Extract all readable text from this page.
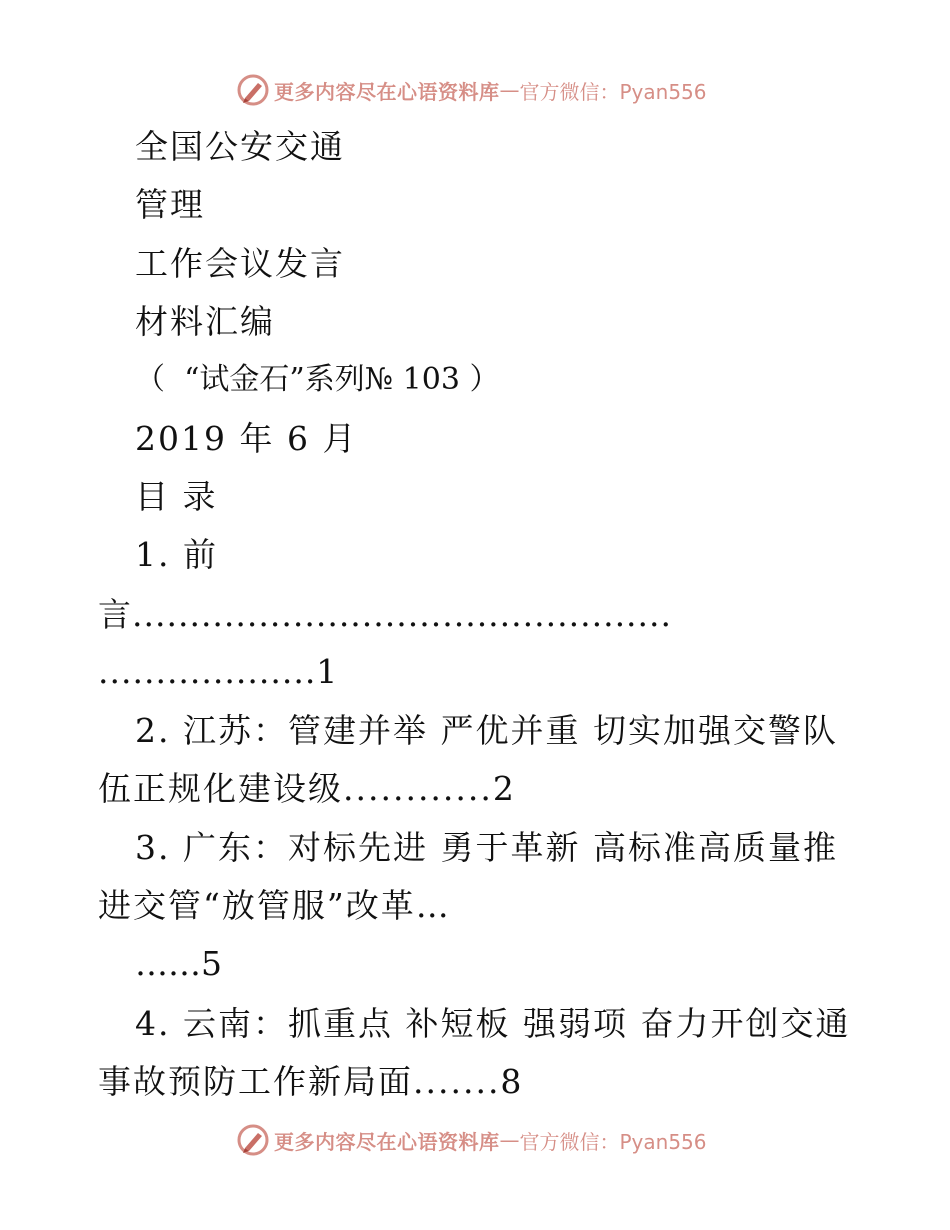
更多内容尽在心语资料库 — 官方微信：Pyan556
全国公安交通
管理
工作会议发言
材料汇编
（  “试金石”系列№ 103 ）
2019 年 6 月
目 录
1. 前
言...............................................
...................1
2. 江苏：管建并举 严优并重 切实加强交警队
伍正规化建设级............2
3. 广东：对标先进 勇于革新 高标准高质量推
进交管“放管服”改革…
……5
4. 云南：抓重点 补短板 强弱项 奋力开创交通
事故预防工作新局面.......8
更多内容尽在心语资料库 — 官方微信：Pyan556
